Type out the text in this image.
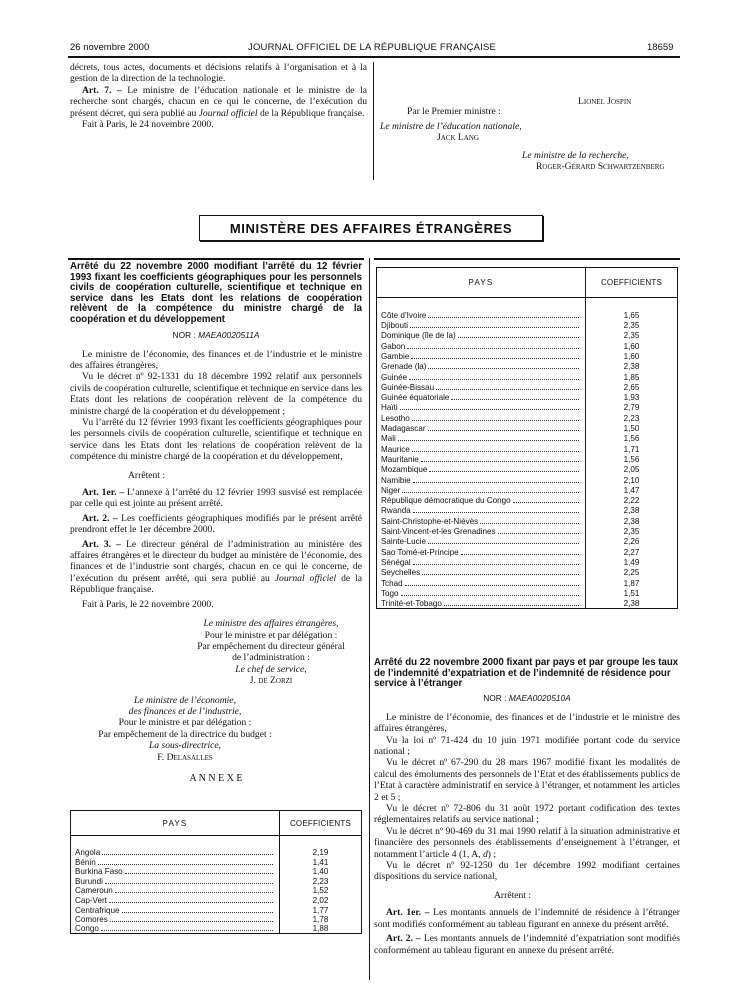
26 novembre 2000	JOURNAL OFFICIEL DE LA RÉPUBLIQUE FRANÇAISE	18659

décrets, tous actes, documents et décisions relatifs à l’organisation et à la gestion de la direction de la technologie.

Art. 7. – Le ministre de l’éducation nationale et le ministre de la recherche sont chargés, chacun en ce qui le concerne, de l’exécution du présent décret, qui sera publié au Journal officiel de la République française.

Fait à Paris, le 24 novembre 2000.

Lionel Jospin
Par le Premier ministre :
Le ministre de l’éducation nationale,
Jack Lang
Le ministre de la recherche,
Roger-Gérard Schwartzenberg
MINISTÈRE DES AFFAIRES ÉTRANGÈRES

Arrêté du 22 novembre 2000 modifiant l’arrêté du 12 février 1993 fixant les coefficients géographiques pour les personnels civils de coopération culturelle, scientifique et technique en service dans les Etats dont les relations de coopération relèvent de la compétence du ministre chargé de la coopération et du développement

NOR : MAEA0020511A

Le ministre de l’économie, des finances et de l’industrie et le ministre des affaires étrangères,

Vu le décret nº 92-1331 du 18 décembre 1992 relatif aux personnels civils de coopération culturelle, scientifique et technique en service dans les Etats dont les relations de coopération relèvent de la compétence du ministre chargé de la coopération et du développement ;

Vu l’arrêté du 12 février 1993 fixant les coefficients géographiques pour les personnels civils de coopération culturelle, scientifique et technique en service dans les Etats dont les relations de coopération relèvent de la compétence du ministre chargé de la coopération et du développement,

Arrêtent :

Art. 1er. – L’annexe à l’arrêté du 12 février 1993 susvisé est remplacée par celle qui est jointe au présent arrêté.

Art. 2. – Les coefficients géographiques modifiés par le présent arrêté prendront effet le 1er décembre 2000.

Art. 3. – Le directeur général de l’administration au ministère des affaires étrangères et le directeur du budget au ministère de l’économie, des finances et de l’industrie sont chargés, chacun en ce qui le concerne, de l’exécution du présent arrêté, qui sera publié au Journal officiel de la République française.

Fait à Paris, le 22 novembre 2000.

Le ministre des affaires étrangères,

Pour le ministre et par délégation :

Par empêchement du directeur général

de l’administration :

Le chef de service,

J. de Zorzi

Le ministre de l’économie,

des finances et de l’industrie,

Pour le ministre et par délégation :

Par empêchement de la directrice du budget :

La sous-directrice,

F. Delasalles

A N N E X E

PAYS	COEFFICIENTS

Angola	2,19

Bénin	1,41

Burkina Faso	1,40

Burundi	2,23

Cameroun	1,52

Cap-Vert	2,02

Centrafrique	1,77

Comores	1,78

Congo	1,88
PAYS	COEFFICIENTS

Côte d’Ivoire	1,65

Djibouti	2,35

Dominique (île de la)	2,35

Gabon	1,60

Gambie	1,60

Grenade (la)	2,38

Guinée	1,85

Guinée-Bissau	2,65

Guinée équatoriale	1,93

Haïti	2,79

Lesotho	2,23

Madagascar	1,50

Mali	1,56

Maurice	1,71

Mauritanie	1,56

Mozambique	2,05

Namibie	2,10

Niger	1,47

République démocratique du Congo	2,22

Rwanda	2,38

Saint-Christophe-et-Niévès	2,38

Saint-Vincent-et-les Grenadines	2,35

Sainte-Lucie	2,26

Sao Tomé-et-Principe	2,27

Sénégal	1,49

Seychelles	2,25

Tchad	1,87

Togo	1,51

Trinité-et-Tobago	2,38

Arrêté du 22 novembre 2000 fixant par pays et par groupe les taux de l’indemnité d’expatriation et de l’indemnité de résidence pour service à l’étranger

NOR : MAEA0020510A

Le ministre de l’économie, des finances et de l’industrie et le ministre des affaires étrangères,

Vu la loi nº 71-424 du 10 juin 1971 modifiée portant code du service national ;

Vu le décret nº 67-290 du 28 mars 1967 modifié fixant les modalités de calcul des émoluments des personnels de l’Etat et des établissements publics de l’Etat à caractère administratif en service à l’étranger, et notamment les articles 2 et 5 ;

Vu le décret nº 72-806 du 31 août 1972 portant codification des textes réglementaires relatifs au service national ;

Vu le décret nº 90-469 du 31 mai 1990 relatif à la situation administrative et financière des personnels des établissements d’enseignement à l’étranger, et notamment l’article 4 (1, A, d) ;

Vu le décret nº 92-1250 du 1er décembre 1992 modifiant certaines dispositions du service national,

Arrêtent :

Art. 1er. – Les montants annuels de l’indemnité de résidence à l’étranger sont modifiés conformément au tableau figurant en annexe du présent arrêté.

Art. 2. – Les montants annuels de l’indemnité d’expatriation sont modifiés conformément au tableau figurant en annexe du présent arrêté.
